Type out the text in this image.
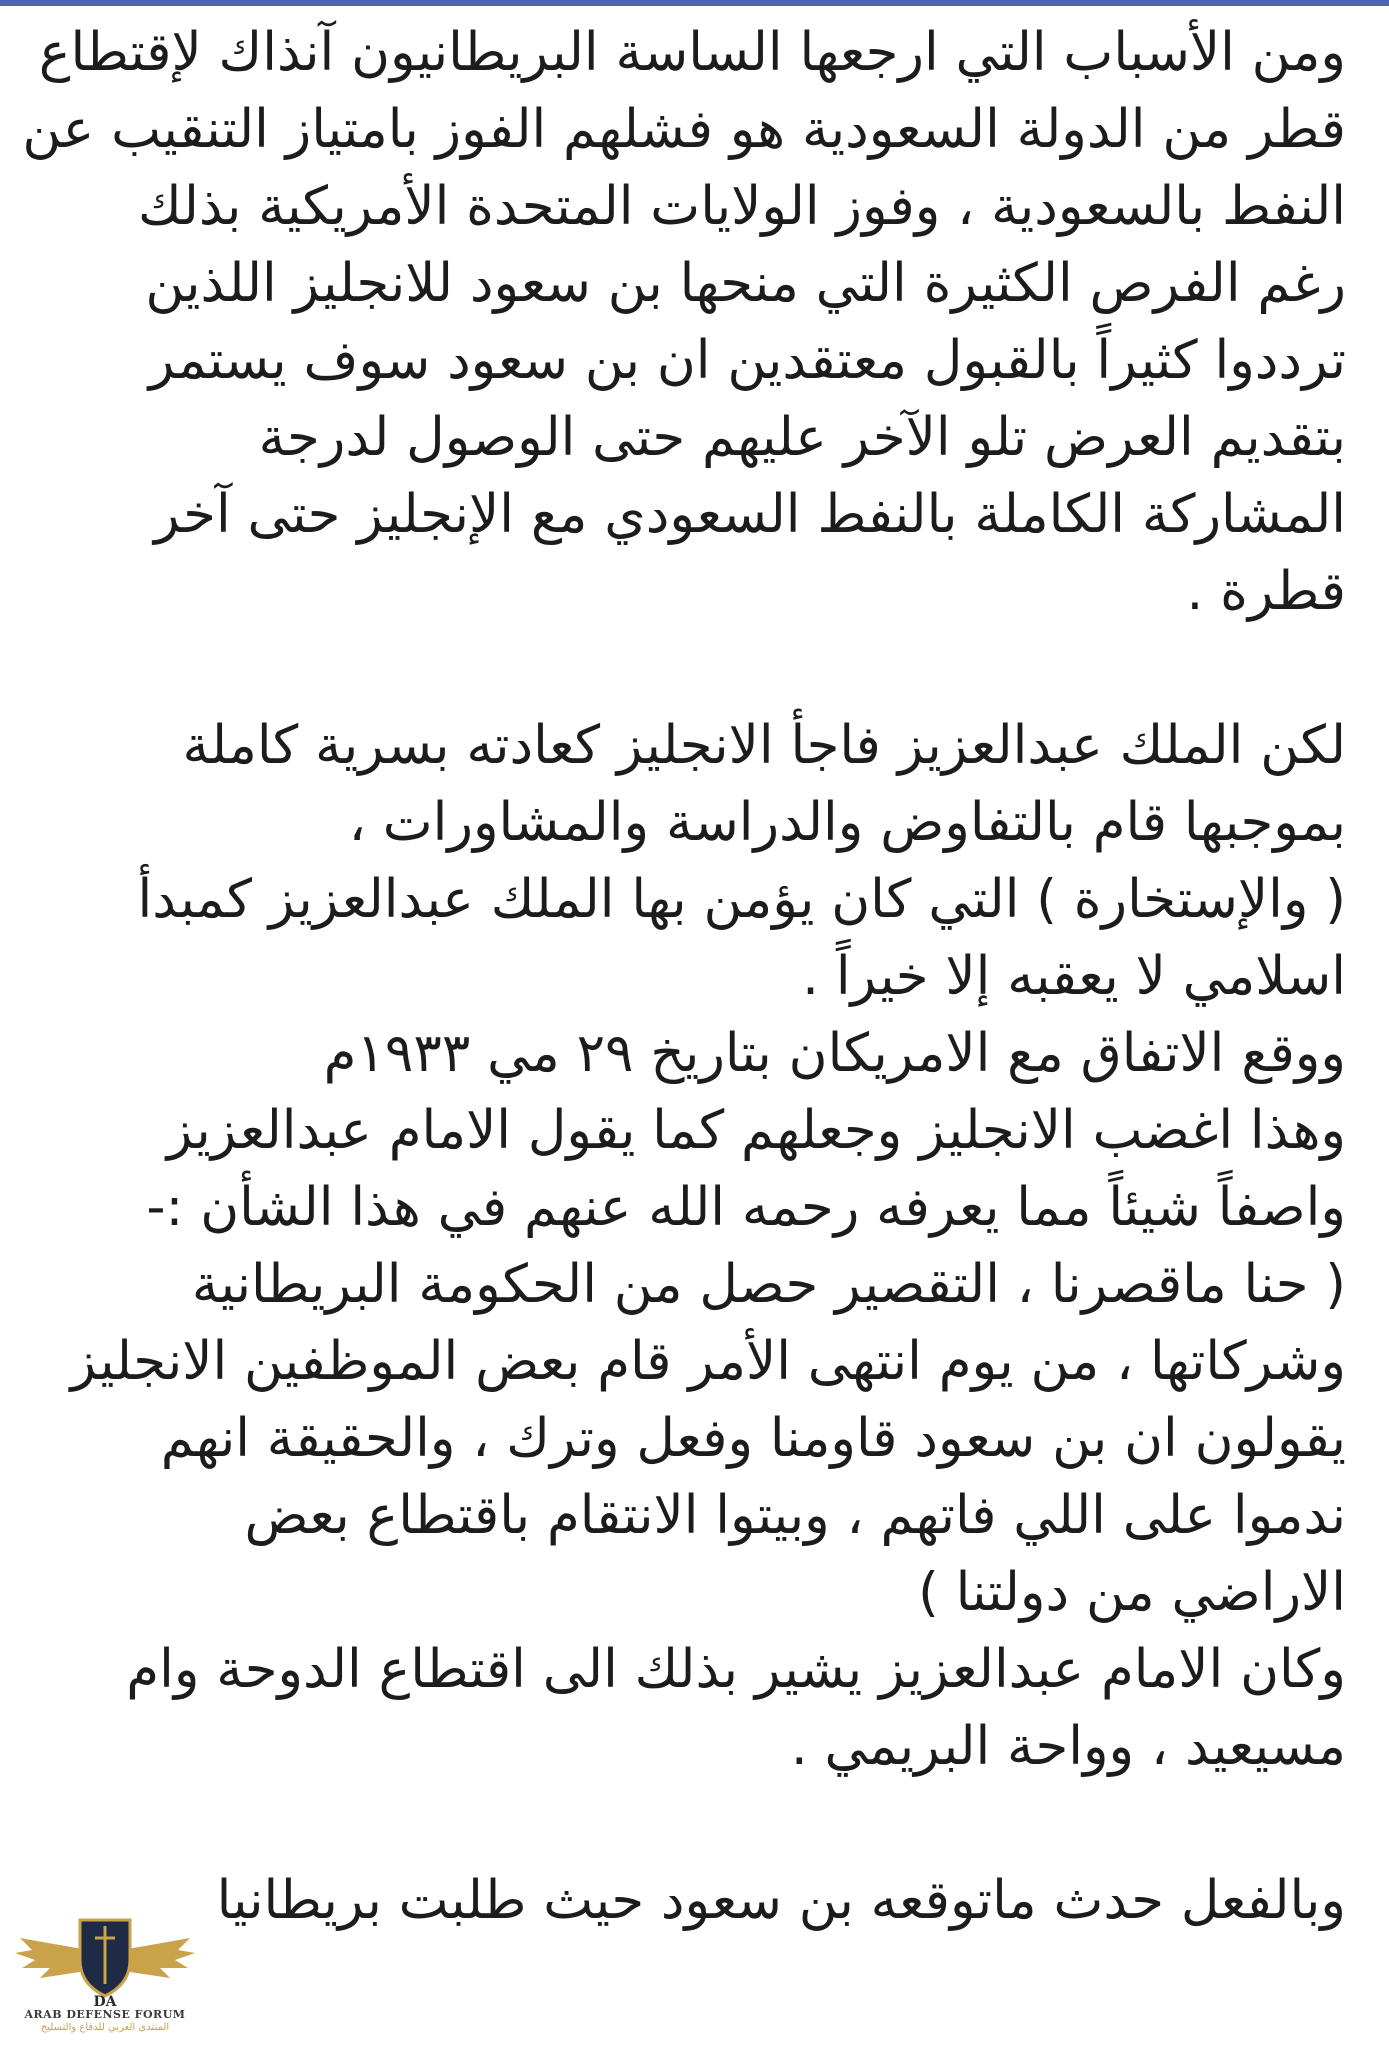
ومن الأسباب التي ارجعها الساسة البريطانيون آنذاك لإقتطاع
قطر من الدولة السعودية هو فشلهم الفوز بامتياز التنقيب عن
النفط بالسعودية ، وفوز الولايات المتحدة الأمريكية بذلك
رغم الفرص الكثيرة التي منحها بن سعود للانجليز اللذين
ترددوا كثيراً بالقبول معتقدين ان بن سعود سوف يستمر
بتقديم العرض تلو الآخر عليهم حتى الوصول لدرجة
المشاركة الكاملة بالنفط السعودي مع الإنجليز حتى آخر
قطرة .
لكن الملك عبدالعزيز فاجأ الانجليز كعادته بسرية كاملة
بموجبها قام بالتفاوض والدراسة والمشاورات ،
( والإستخارة ) التي كان يؤمن بها الملك عبدالعزيز كمبدأ
اسلامي لا يعقبه إلا خيراً .
ووقع الاتفاق مع الامريكان بتاريخ ٢٩ مي ١٩٣٣م
وهذا اغضب الانجليز وجعلهم كما يقول الامام عبدالعزيز
واصفاً شيئاً مما يعرفه رحمه الله عنهم في هذا الشأن :-
( حنا ماقصرنا ، التقصير حصل من الحكومة البريطانية
وشركاتها ، من يوم انتهى الأمر قام بعض الموظفين الانجليز
يقولون ان بن سعود قاومنا وفعل وترك ، والحقيقة انهم
ندموا على اللي فاتهم ، وبيتوا الانتقام باقتطاع بعض
الاراضي من دولتنا )
وكان الامام عبدالعزيز يشير بذلك الى اقتطاع الدوحة وام
مسيعيد ، وواحة البريمي .
وبالفعل حدث ماتوقعه بن سعود حيث طلبت بريطانيا
DA
ARAB DEFENSE FORUM
المنتدى العربي للدفاع والتسليح
